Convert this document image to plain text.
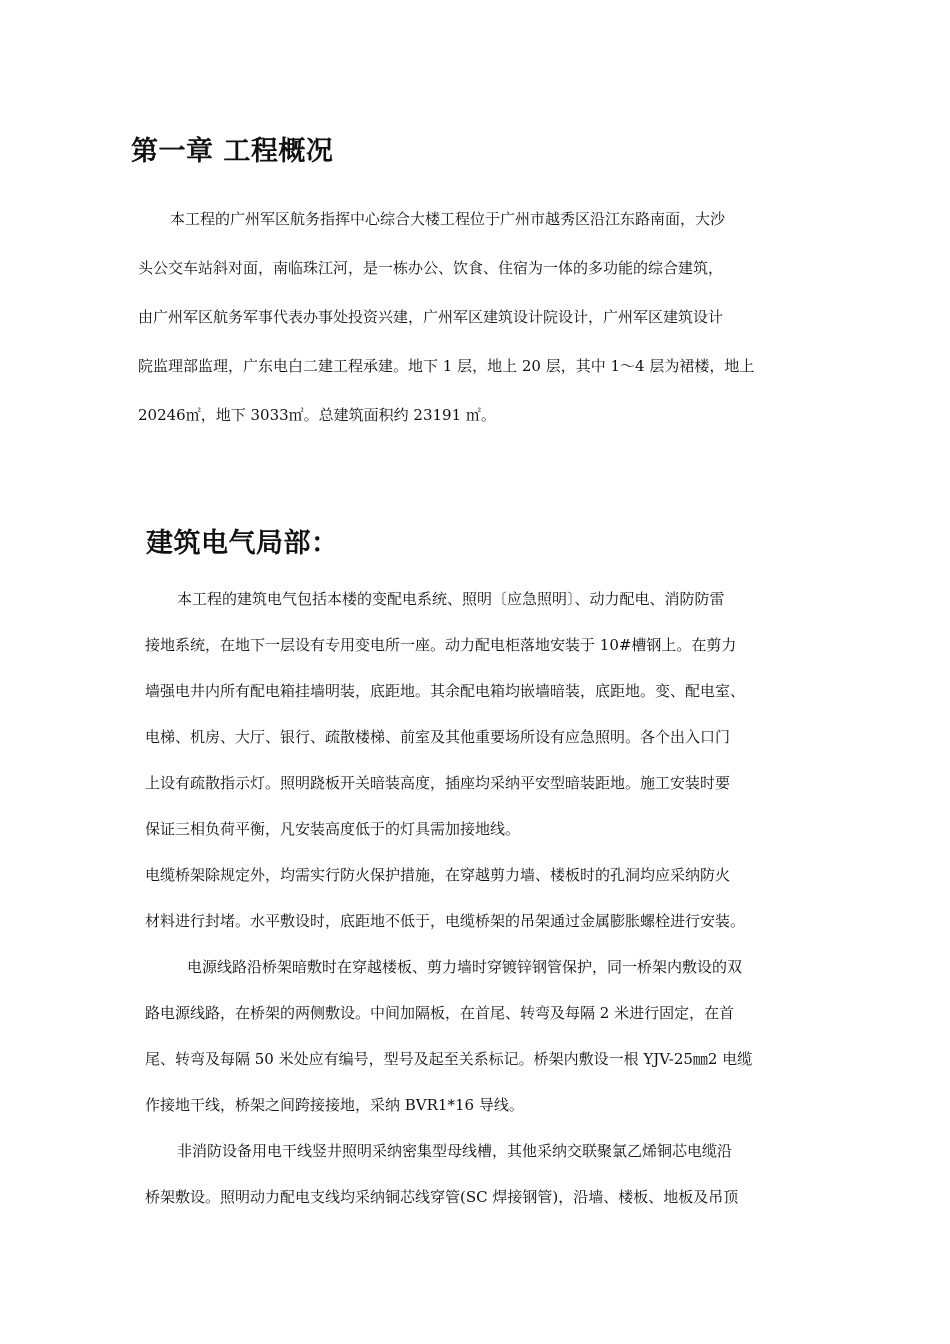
第一章 工程概况
本工程的广州军区航务指挥中心综合大楼工程位于广州市越秀区沿江东路南面，大沙
头公交车站斜对面，南临珠江河，是一栋办公、饮食、住宿为一体的多功能的综合建筑，
由广州军区航务军事代表办事处投资兴建，广州军区建筑设计院设计，广州军区建筑设计
院监理部监理，广东电白二建工程承建。地下 1 层，地上 20 层，其中 1～4 层为裙楼，地上
20246㎡，地下 3033㎡。总建筑面积约 23191 ㎡。
建筑电气局部：
本工程的建筑电气包括本楼的变配电系统、照明〔应急照明〕、动力配电、消防防雷
接地系统，在地下一层设有专用变电所一座。动力配电柜落地安装于 10#槽钢上。在剪力
墙强电井内所有配电箱挂墙明装，底距地。其余配电箱均嵌墙暗装，底距地。变、配电室、
电梯、机房、大厅、银行、疏散楼梯、前室及其他重要场所设有应急照明。各个出入口门
上设有疏散指示灯。照明跷板开关暗装高度，插座均采纳平安型暗装距地。施工安装时要
保证三相负荷平衡，凡安装高度低于的灯具需加接地线。
电缆桥架除规定外，均需实行防火保护措施，在穿越剪力墙、楼板时的孔洞均应采纳防火
材料进行封堵。水平敷设时，底距地不低于，电缆桥架的吊架通过金属膨胀螺栓进行安装。
电源线路沿桥架暗敷时在穿越楼板、剪力墙时穿镀锌钢管保护，同一桥架内敷设的双
路电源线路，在桥架的两侧敷设。中间加隔板，在首尾、转弯及每隔 2 米进行固定，在首
尾、转弯及每隔 50 米处应有编号，型号及起至关系标记。桥架内敷设一根 YJV-25㎜2 电缆
作接地干线，桥架之间跨接接地，采纳 BVR1*16 导线。
非消防设备用电干线竖井照明采纳密集型母线槽，其他采纳交联聚氯乙烯铜芯电缆沿
桥架敷设。照明动力配电支线均采纳铜芯线穿管(SC 焊接钢管)，沿墙、楼板、地板及吊顶
